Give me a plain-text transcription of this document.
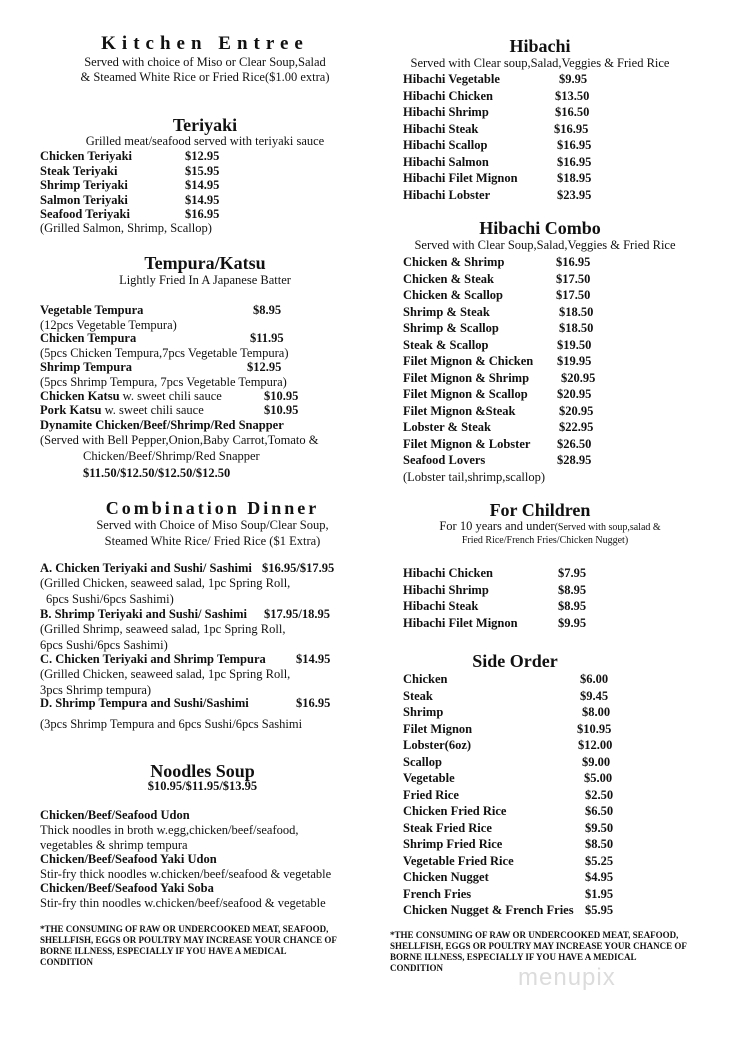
Kitchen Entree
Served with choice of Miso or Clear Soup,Salad
& Steamed White Rice or Fried Rice($1.00 extra)
Teriyaki
Grilled meat/seafood served with teriyaki sauce
Chicken Teriyaki	$12.95
Steak Teriyaki	$15.95
Shrimp Teriyaki	$14.95
Salmon Teriyaki	$14.95
Seafood Teriyaki	$16.95
(Grilled Salmon, Shrimp, Scallop)
Tempura/Katsu
Lightly Fried In A Japanese Batter
Vegetable Tempura	$8.95
(12pcs Vegetable Tempura)
Chicken Tempura	$11.95
(5pcs Chicken Tempura,7pcs Vegetable Tempura)
Shrimp Tempura	$12.95
(5pcs Shrimp Tempura, 7pcs Vegetable Tempura)
Chicken Katsu w. sweet chili sauce	$10.95
Pork Katsu w. sweet chili sauce	$10.95
Dynamite Chicken/Beef/Shrimp/Red Snapper
(Served with Bell Pepper,Onion,Baby Carrot,Tomato &
Chicken/Beef/Shrimp/Red Snapper
$11.50/$12.50/$12.50/$12.50
Combination Dinner
Served with Choice of Miso Soup/Clear Soup,
Steamed White Rice/ Fried Rice ($1 Extra)
A. Chicken Teriyaki and Sushi/ Sashimi $16.95/$17.95
(Grilled Chicken, seaweed salad, 1pc Spring Roll,
6pcs Sushi/6pcs Sashimi)
B. Shrimp Teriyaki and Sushi/ Sashimi $17.95/18.95
(Grilled Shrimp, seaweed salad, 1pc Spring Roll,
6pcs Sushi/6pcs Sashimi)
C. Chicken Teriyaki and Shrimp Tempura $14.95
(Grilled Chicken, seaweed salad, 1pc Spring Roll,
3pcs Shrimp tempura)
D. Shrimp Tempura and Sushi/Sashimi	$16.95
(3pcs Shrimp Tempura and 6pcs Sushi/6pcs Sashimi
Noodles Soup
$10.95/$11.95/$13.95
Chicken/Beef/Seafood Udon
Thick noodles in broth w.egg,chicken/beef/seafood,
vegetables & shrimp tempura
Chicken/Beef/Seafood Yaki Udon
Stir-fry thick noodles w.chicken/beef/seafood & vegetable
Chicken/Beef/Seafood Yaki Soba
Stir-fry thin noodles w.chicken/beef/seafood & vegetable
*THE CONSUMING OF RAW OR UNDERCOOKED MEAT, SEAFOOD, SHELLFISH, EGGS OR POULTRY MAY INCREASE YOUR CHANCE OF BORNE ILLNESS, ESPECIALLY IF YOU HAVE A MEDICAL CONDITION
Hibachi
Served with Clear soup,Salad,Veggies & Fried Rice
Hibachi Vegetable	$9.95
Hibachi Chicken	$13.50
Hibachi Shrimp	$16.50
Hibachi Steak	$16.95
Hibachi Scallop	$16.95
Hibachi Salmon	$16.95
Hibachi Filet Mignon	$18.95
Hibachi Lobster	$23.95
Hibachi Combo
Served with Clear Soup,Salad,Veggies & Fried Rice
Chicken & Shrimp	$16.95
Chicken & Steak	$17.50
Chicken & Scallop	$17.50
Shrimp & Steak	$18.50
Shrimp & Scallop	$18.50
Steak & Scallop	$19.50
Filet Mignon & Chicken $19.95
Filet Mignon & Shrimp	$20.95
Filet Mignon & Scallop $20.95
Filet Mignon &Steak	$20.95
Lobster & Steak	$22.95
Filet Mignon & Lobster $26.50
Seafood Lovers	$28.95
(Lobster tail,shrimp,scallop)
For Children
For 10 years and under(Served with soup,salad &
Fried Rice/French Fries/Chicken Nugget)
Hibachi Chicken	$7.95
Hibachi Shrimp	$8.95
Hibachi Steak	$8.95
Hibachi Filet Mignon	$9.95
Side Order
Chicken	$6.00
Steak	$9.45
Shrimp	$8.00
Filet Mignon	$10.95
Lobster(6oz)	$12.00
Scallop	$9.00
Vegetable	$5.00
Fried Rice	$2.50
Chicken Fried Rice	$6.50
Steak Fried Rice	$9.50
Shrimp Fried Rice	$8.50
Vegetable Fried Rice	$5.25
Chicken Nugget	$4.95
French Fries	$1.95
Chicken Nugget & French Fries $5.95
*THE CONSUMING OF RAW OR UNDERCOOKED MEAT, SEAFOOD, SHELLFISH, EGGS OR POULTRY MAY INCREASE YOUR CHANCE OF BORNE ILLNESS, ESPECIALLY IF YOU HAVE A MEDICAL CONDITION	menupix
